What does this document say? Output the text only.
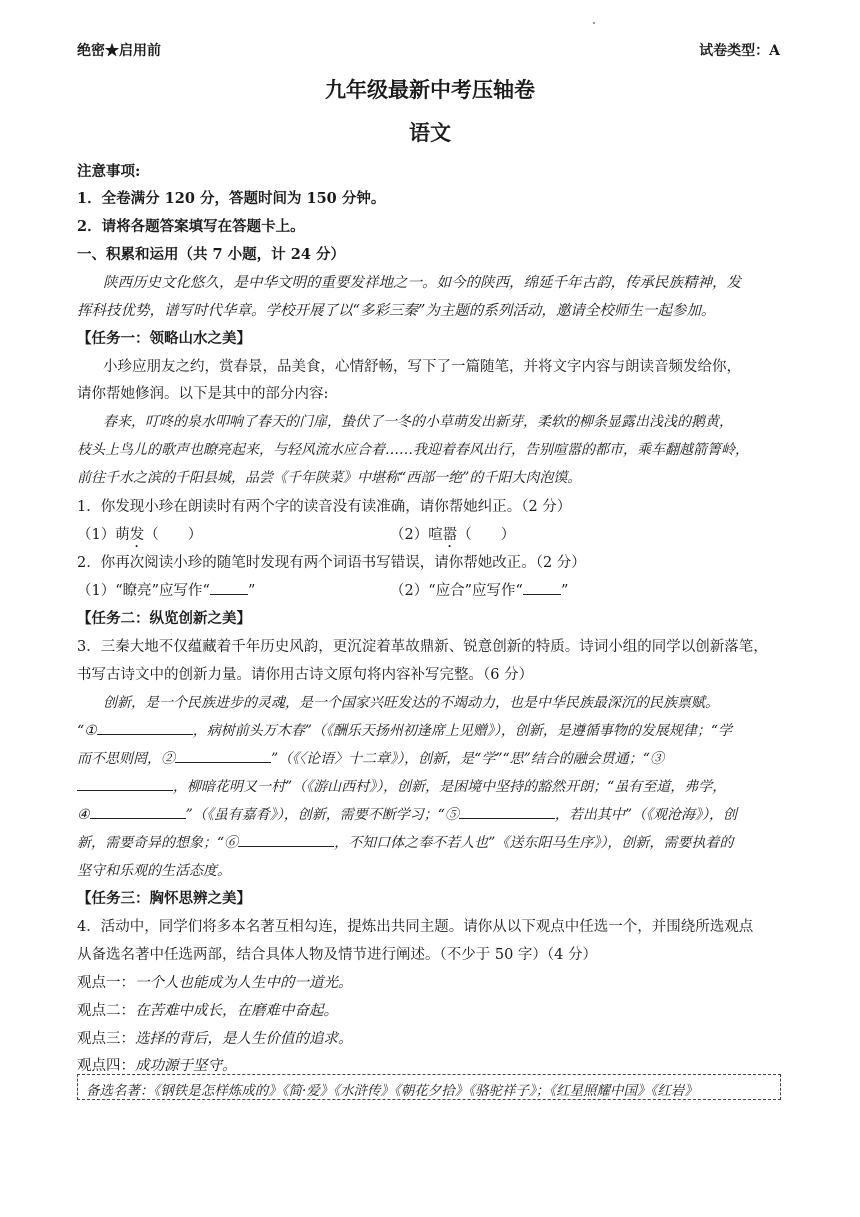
绝密★启用前	试卷类型：A
九年级最新中考压轴卷
语文
注意事项:
1．全卷满分 120 分，答题时间为 150 分钟。
2．请将各题答案填写在答题卡上。
一、积累和运用（共 7 小题，计 24 分）
陕西历史文化悠久，是中华文明的重要发祥地之一。如今的陕西，绵延千年古韵，传承民族精神，发
挥科技优势，谱写时代华章。学校开展了以“多彩三秦”为主题的系列活动，邀请全校师生一起参加。
【任务一：领略山水之美】
小珍应朋友之约，赏春景，品美食，心情舒畅，写下了一篇随笔，并将文字内容与朗读音频发给你，
请你帮她修润。以下是其中的部分内容:
春来，叮咚的泉水叩响了春天的门扉，蛰伏了一冬的小草萌发出新芽，柔软的柳条显露出浅浅的鹅黄，
枝头上鸟儿的歌声也瞭亮起来，与轻风流水应合着……我迎着春风出行，告别喧嚣的都市，乘车翻越箭箐岭，
前往千水之滨的千阳县城，品尝《千年陕菜》中堪称“西部一绝”的千阳大肉泡馍。
1．你发现小珍在朗读时有两个字的读音没有读准确，请你帮她纠正。（2 分）
（1）萌发（　　）	（2）喧嚣（　　）
2．你再次阅读小珍的随笔时发现有两个词语书写错误，请你帮她改正。（2 分）
（1）“瞭亮”应写作“	”	（2）“应合”应写作“	”
【任务二：纵览创新之美】
3．三秦大地不仅蕴藏着千年历史风韵，更沉淀着革故鼎新、锐意创新的特质。诗词小组的同学以创新落笔，
书写古诗文中的创新力量。请你用古诗文原句将内容补写完整。（6 分）
创新，是一个民族进步的灵魂，是一个国家兴旺发达的不竭动力，也是中华民族最深沉的民族禀赋。
“①	，病树前头万木春”（《酬乐天扬州初逢席上见赠》），创新，是遵循事物的发展规律；“学
而不思则罔，②	”（《〈论语〉十二章》），创新，是“学”“思”结合的融会贯通；“③
，柳暗花明又一村”（《游山西村》），创新，是困境中坚持的豁然开朗；“虽有至道，弗学，
④	”（《虽有嘉肴》），创新，需要不断学习；“⑤	，若出其中”（《观沧海》），创
新，需要奇异的想象；“⑥	，不知口体之奉不若人也”《送东阳马生序》），创新，需要执着的
坚守和乐观的生活态度。
【任务三：胸怀思辨之美】
4．活动中，同学们将多本名著互相勾连，提炼出共同主题。请你从以下观点中任选一个，并围绕所选观点
从备选名著中任选两部，结合具体人物及情节进行阐述。（不少于 50 字）（4 分）
观点一：一个人也能成为人生中的一道光。
观点二：在苦难中成长，在磨难中奋起。
观点三：选择的背后，是人生价值的追求。
观点四：成功源于坚守。
备选名著：《钢铁是怎样炼成的》《简·爱》《水浒传》《朝花夕拾》《骆驼祥子》；《红星照耀中国》《红岩》
